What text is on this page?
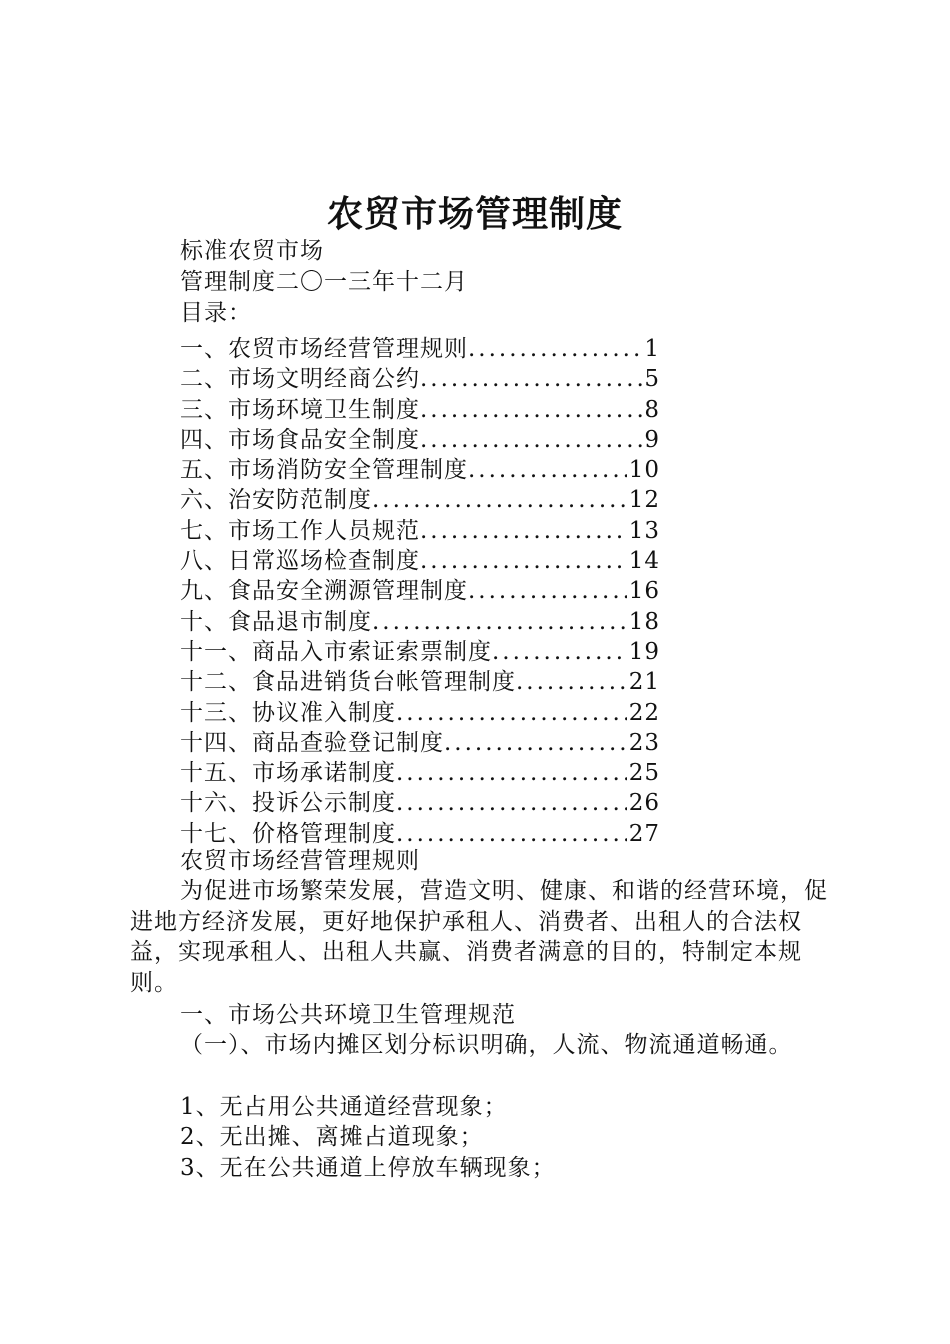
农贸市场管理制度
标准农贸市场
管理制度二〇一三年十二月
目录：
一、农贸市场经营管理规则 .....	1
二、市场文明经商公约 .....	5
三、市场环境卫生制度 .....	8
四、市场食品安全制度 .....	9
五、市场消防安全管理制度 .....	10
六、治安防范制度 .....	12
七、市场工作人员规范 .....	13
八、日常巡场检查制度 .....	14
九、食品安全溯源管理制度 .....	16
十、食品退市制度 .....	18
十一、商品入市索证索票制度 .....	19
十二、食品进销货台帐管理制度 .....	21
十三、协议准入制度 .....	22
十四、商品查验登记制度 .....	23
十五、市场承诺制度 .....	25
十六、投诉公示制度 .....	26
十七、价格管理制度 .....	27
农贸市场经营管理规则

为促进市场繁荣发展，营造文明、健康、和谐的经营环境，促进地方经济发展，更好地保护承租人、消费者、出租人的合法权益，实现承租人、出租人共赢、消费者满意的目的，特制定本规则。

一、市场公共环境卫生管理规范
（一）、市场内摊区划分标识明确，人流、物流通道畅通。
1、无占用公共通道经营现象；
2、无出摊、离摊占道现象；
3、无在公共通道上停放车辆现象；
